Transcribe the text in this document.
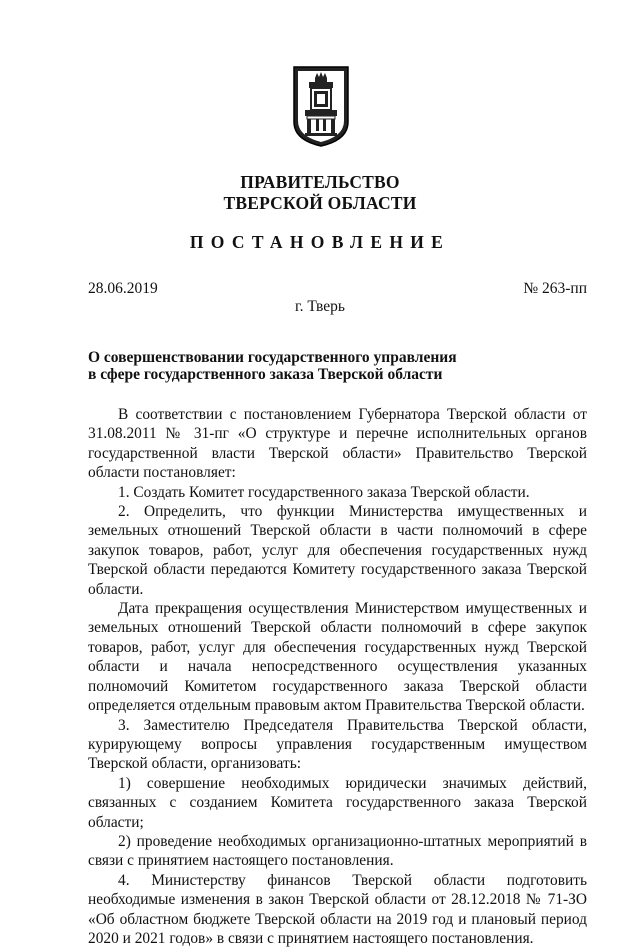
ПРАВИТЕЛЬСТВО
ТВЕРСКОЙ ОБЛАСТИ
ПОСТАНОВЛЕНИЕ
28.06.2019	№ 263-пп
г. Тверь
О совершенствовании государственного управления
в сфере государственного заказа Тверской области

В соответствии с постановлением Губернатора Тверской области от 31.08.2011 № 31-пг «О структуре и перечне исполнительных органов государственной власти Тверской области» Правительство Тверской области постановляет:

1. Создать Комитет государственного заказа Тверской области.

2. Определить, что функции Министерства имущественных и земельных отношений Тверской области в части полномочий в сфере закупок товаров, работ, услуг для обеспечения государственных нужд Тверской области передаются Комитету государственного заказа Тверской области.

Дата прекращения осуществления Министерством имущественных и земельных отношений Тверской области полномочий в сфере закупок товаров, работ, услуг для обеспечения государственных нужд Тверской области и начала непосредственного осуществления указанных полномочий Комитетом государственного заказа Тверской области определяется отдельным правовым актом Правительства Тверской области.

3. Заместителю Председателя Правительства Тверской области, курирующему вопросы управления государственным имуществом Тверской области, организовать:

1) совершение необходимых юридически значимых действий, связанных с созданием Комитета государственного заказа Тверской области;

2) проведение необходимых организационно-штатных мероприятий в связи с принятием настоящего постановления.

4. Министерству финансов Тверской области подготовить необходимые изменения в закон Тверской области от 28.12.2018 № 71-ЗО «Об областном бюджете Тверской области на 2019 год и плановый период 2020 и 2021 годов» в связи с принятием настоящего постановления.
